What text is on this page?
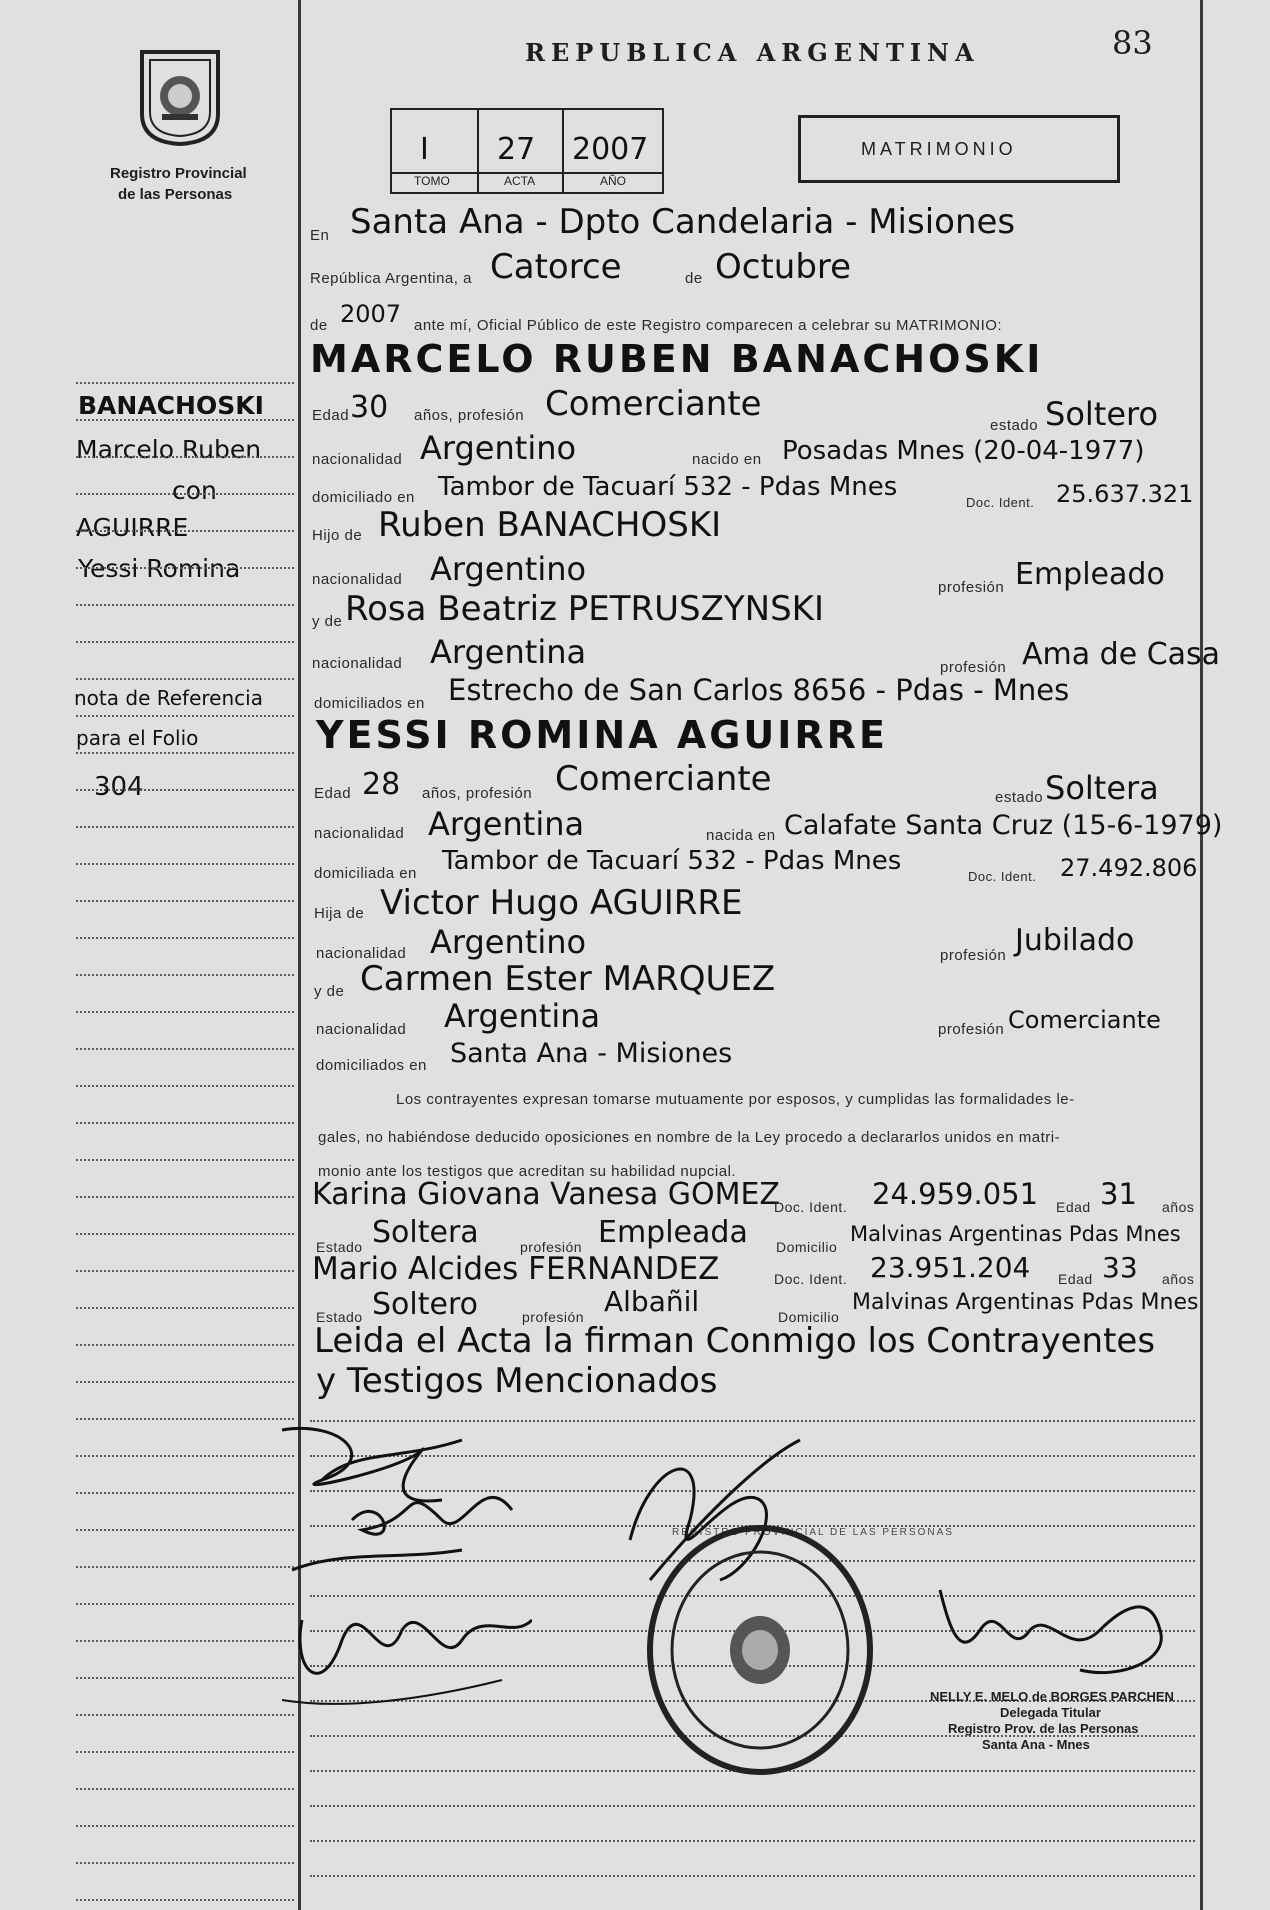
REPUBLICA ARGENTINA	83
Registro Provincial
de las Personas
I 27 2007
TOMO	ACTA	AÑO
MATRIMONIO
BANACHOSKI
Marcelo Ruben
con
AGUIRRE
Yessi Romina
nota de Referencia
para el Folio
304
En Santa Ana - Dpto Candelaria - Misiones
República Argentina, a Catorce	de Octubre
de 2007 ante mí, Oficial Público de este Registro comparecen a celebrar su MATRIMONIO:
MARCELO RUBEN BANACHOSKI
Edad 30 años, profesión Comerciante
estado Soltero
nacionalidad Argentino	nacido en Posadas Mnes (20-04-1977)
domiciliado en Tambor de Tacuarí 532 - Pdas Mnes
Doc. Ident. 25.637.321
Hijo de Ruben BANACHOSKI
nacionalidad Argentino	profesión Empleado
y de Rosa Beatriz PETRUSZYNSKI
nacionalidad Argentina	profesión Ama de Casa
domiciliados en Estrecho de San Carlos 8656 - Pdas - Mnes
YESSI ROMINA AGUIRRE
Edad 28 años, profesión Comerciante	estado Soltera
nacionalidad Argentina	nacida en Calafate Santa Cruz (15-6-1979)
domiciliada en Tambor de Tacuarí 532 - Pdas Mnes
Doc. Ident. 27.492.806
Hija de Victor Hugo AGUIRRE
nacionalidad Argentino	profesión Jubilado
y de Carmen Ester MARQUEZ
nacionalidad Argentina	profesión Comerciante
domiciliados en Santa Ana - Misiones
Los contrayentes expresan tomarse mutuamente por esposos, y cumplidas las formalidades le-
gales, no habiéndose deducido oposiciones en nombre de la Ley procedo a declararlos unidos en matri-
monio ante los testigos que acreditan su habilidad nupcial.
Karina Giovana Vanesa GOMEZ
Doc. Ident. 24.959.051 Edad 31 años
Estado Soltera	profesión Empleada Domicilio
Malvinas Argentinas Pdas Mnes
Mario Alcides FERNANDEZ	Doc. Ident. 23.951.204 Edad 33 años
Estado Soltero	profesión Albañil	Domicilio
Malvinas Argentinas Pdas Mnes
Leida el Acta la firman Conmigo los Contrayentes
y Testigos Mencionados
REGISTRO PROVINCIAL DE LAS PERSONAS
NELLY E. MELO de BORGES PARCHEN
Delegada Titular
Registro Prov. de las Personas
Santa Ana - Mnes
